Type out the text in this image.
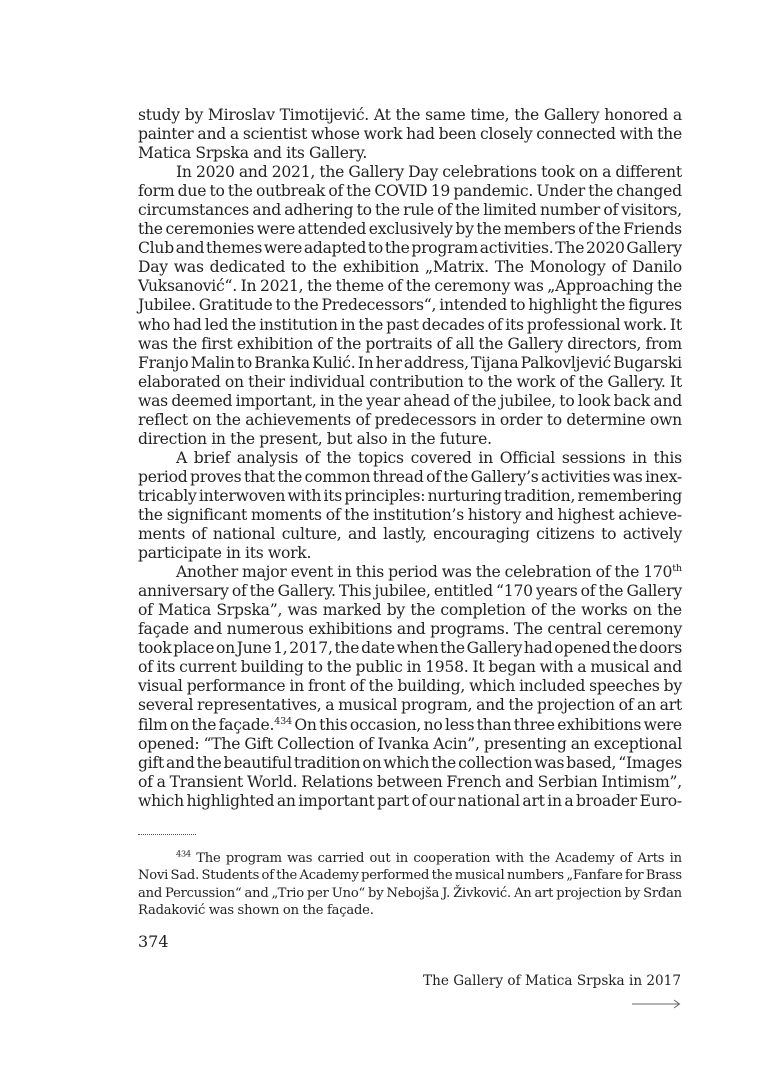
study by Miroslav Timotijević. At the same time, the Gallery honored a
painter and a scientist whose work had been closely connected with the
Matica Srpska and its Gallery.
In 2020 and 2021, the Gallery Day celebrations took on a different
form due to the outbreak of the COVID 19 pandemic. Under the changed
circumstances and adhering to the rule of the limited number of visitors,
the ceremonies were attended exclusively by the members of the Friends
Club and themes were adapted to the program activities. The 2020 Gallery
Day was dedicated to the exhibition „Matrix. The Monology of Danilo
Vuksanović“. In 2021, the theme of the ceremony was „Approaching the
Jubilee. Gratitude to the Predecessors“, intended to highlight the figures
who had led the institution in the past decades of its professional work. It
was the first exhibition of the portraits of all the Gallery directors, from
Franjo Malin to Branka Kulić. In her address, Tijana Palkovljević Bugarski
elaborated on their individual contribution to the work of the Gallery. It
was deemed important, in the year ahead of the jubilee, to look back and
reflect on the achievements of predecessors in order to determine own
direction in the present, but also in the future.
A brief analysis of the topics covered in Official sessions in this
period proves that the common thread of the Gallery’s activities was inex-
tricably interwoven with its principles: nurturing tradition, remembering
the significant moments of the institution’s history and highest achieve-
ments of national culture, and lastly, encouraging citizens to actively
participate in its work.
Another major event in this period was the celebration of the 170th
anniversary of the Gallery. This jubilee, entitled “170 years of the Gallery
of Matica Srpska”, was marked by the completion of the works on the
façade and numerous exhibitions and programs. The central ceremony
took place on June 1, 2017, the date when the Gallery had opened the doors
of its current building to the public in 1958. It began with a musical and
visual performance in front of the building, which included speeches by
several representatives, a musical program, and the projection of an art
film on the façade.$^{434}$ On this occasion, no less than three exhibitions were
opened: “The Gift Collection of Ivanka Acin”, presenting an exceptional
gift and the beautiful tradition on which the collection was based, “Images
of a Transient World. Relations between French and Serbian Intimism”,
which highlighted an important part of our national art in a broader Euro-
$^{434}$ The program was carried out in cooperation with the Academy of Arts in
Novi Sad. Students of the Academy performed the musical numbers „Fanfare for Brass
and Percussion“ and „Trio per Uno“ by Nebojša J. Živković. An art projection by Srđan
Radaković was shown on the façade.
374
The Gallery of Matica Srpska in 2017
